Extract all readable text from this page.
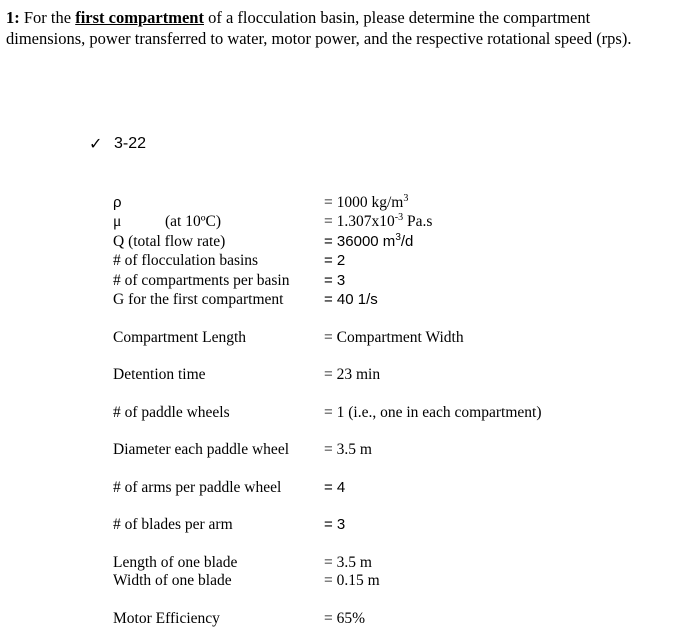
1: For the first compartment of a flocculation basin, please determine the compartment dimensions, power transferred to water, motor power, and the respective rotational speed (rps).
✓ 3-22
ρ	= 1000 $kg/m^3$
μ	(at 10ºC)	= $1.307x10^{-3}$ Pa.s
Q (total flow rate)	= 36000 $m^3/d$
# of flocculation basins	= 2
# of compartments per basin = 3
G for the first compartment	= 40 1/s
Compartment Length	= Compartment Width
Detention time	= 23 min
# of paddle wheels	= 1 (i.e., one in each compartment)
Diameter each paddle wheel = 3.5 m
# of arms per paddle wheel	= 4
# of blades per arm	= 3
Length of one blade	= 3.5 m
Width of one blade	= 0.15 m
Motor Efficiency	= 65%
